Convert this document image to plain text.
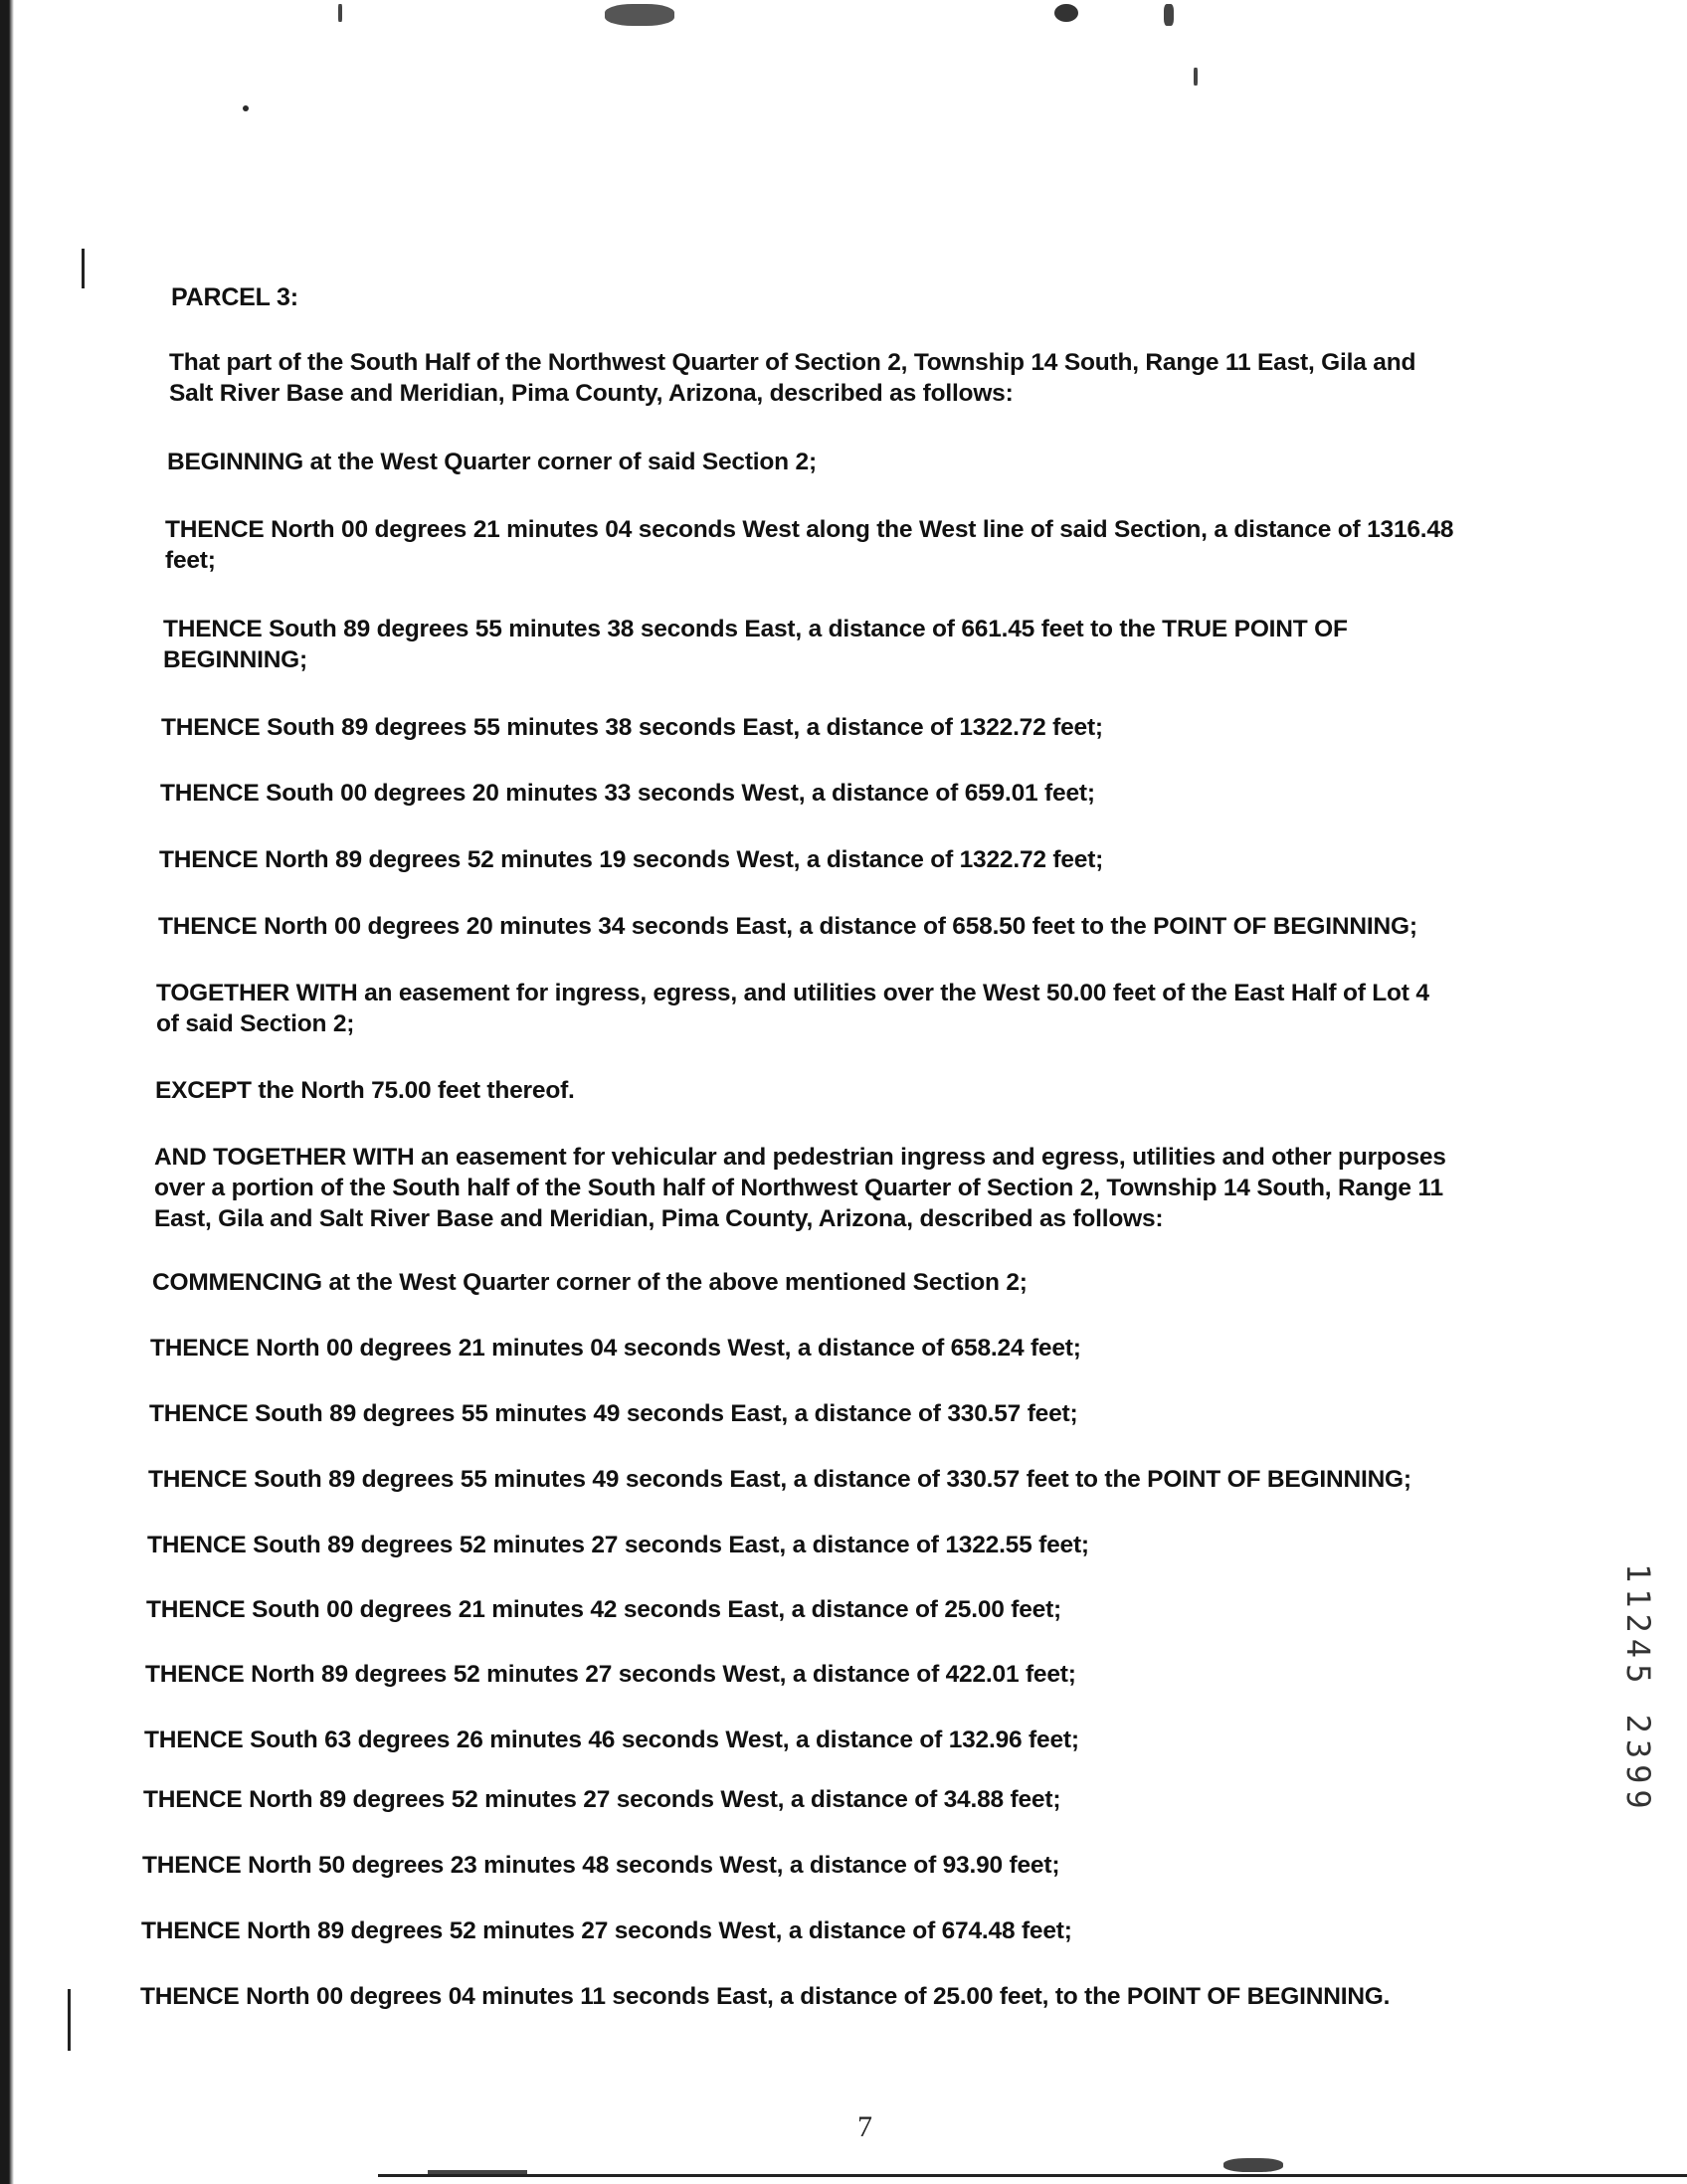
PARCEL 3:
That part of the South Half of the Northwest Quarter of Section 2, Township 14 South, Range 11 East, Gila and
Salt River Base and Meridian, Pima County, Arizona, described as follows:
BEGINNING at the West Quarter corner of said Section 2;
THENCE North 00 degrees 21 minutes 04 seconds West along the West line of said Section, a distance of 1316.48
feet;
THENCE South 89 degrees 55 minutes 38 seconds East, a distance of 661.45 feet to the TRUE POINT OF
BEGINNING;
THENCE South 89 degrees 55 minutes 38 seconds East, a distance of 1322.72 feet;
THENCE South 00 degrees 20 minutes 33 seconds West, a distance of 659.01 feet;
THENCE North 89 degrees 52 minutes 19 seconds West, a distance of 1322.72 feet;
THENCE North 00 degrees 20 minutes 34 seconds East, a distance of 658.50 feet to the POINT OF BEGINNING;
TOGETHER WITH an easement for ingress, egress, and utilities over the West 50.00 feet of the East Half of Lot 4
of said Section 2;
EXCEPT the North 75.00 feet thereof.
AND TOGETHER WITH an easement for vehicular and pedestrian ingress and egress, utilities and other purposes
over a portion of the South half of the South half of Northwest Quarter of Section 2, Township 14 South, Range 11
East, Gila and Salt River Base and Meridian, Pima County, Arizona, described as follows:
COMMENCING at the West Quarter corner of the above mentioned Section 2;
THENCE North 00 degrees 21 minutes 04 seconds West, a distance of 658.24 feet;
THENCE South 89 degrees 55 minutes 49 seconds East, a distance of 330.57 feet;
THENCE South 89 degrees 55 minutes 49 seconds East, a distance of 330.57 feet to the POINT OF BEGINNING;
THENCE South 89 degrees 52 minutes 27 seconds East, a distance of 1322.55 feet;
THENCE South 00 degrees 21 minutes 42 seconds East, a distance of 25.00 feet;
THENCE North 89 degrees 52 minutes 27 seconds West, a distance of 422.01 feet;
THENCE South 63 degrees 26 minutes 46 seconds West, a distance of 132.96 feet;
THENCE North 89 degrees 52 minutes 27 seconds West, a distance of 34.88 feet;
THENCE North 50 degrees 23 minutes 48 seconds West, a distance of 93.90 feet;
THENCE North 89 degrees 52 minutes 27 seconds West, a distance of 674.48 feet;
THENCE North 00 degrees 04 minutes 11 seconds East, a distance of 25.00 feet, to the POINT OF BEGINNING.
11245 2399
7
